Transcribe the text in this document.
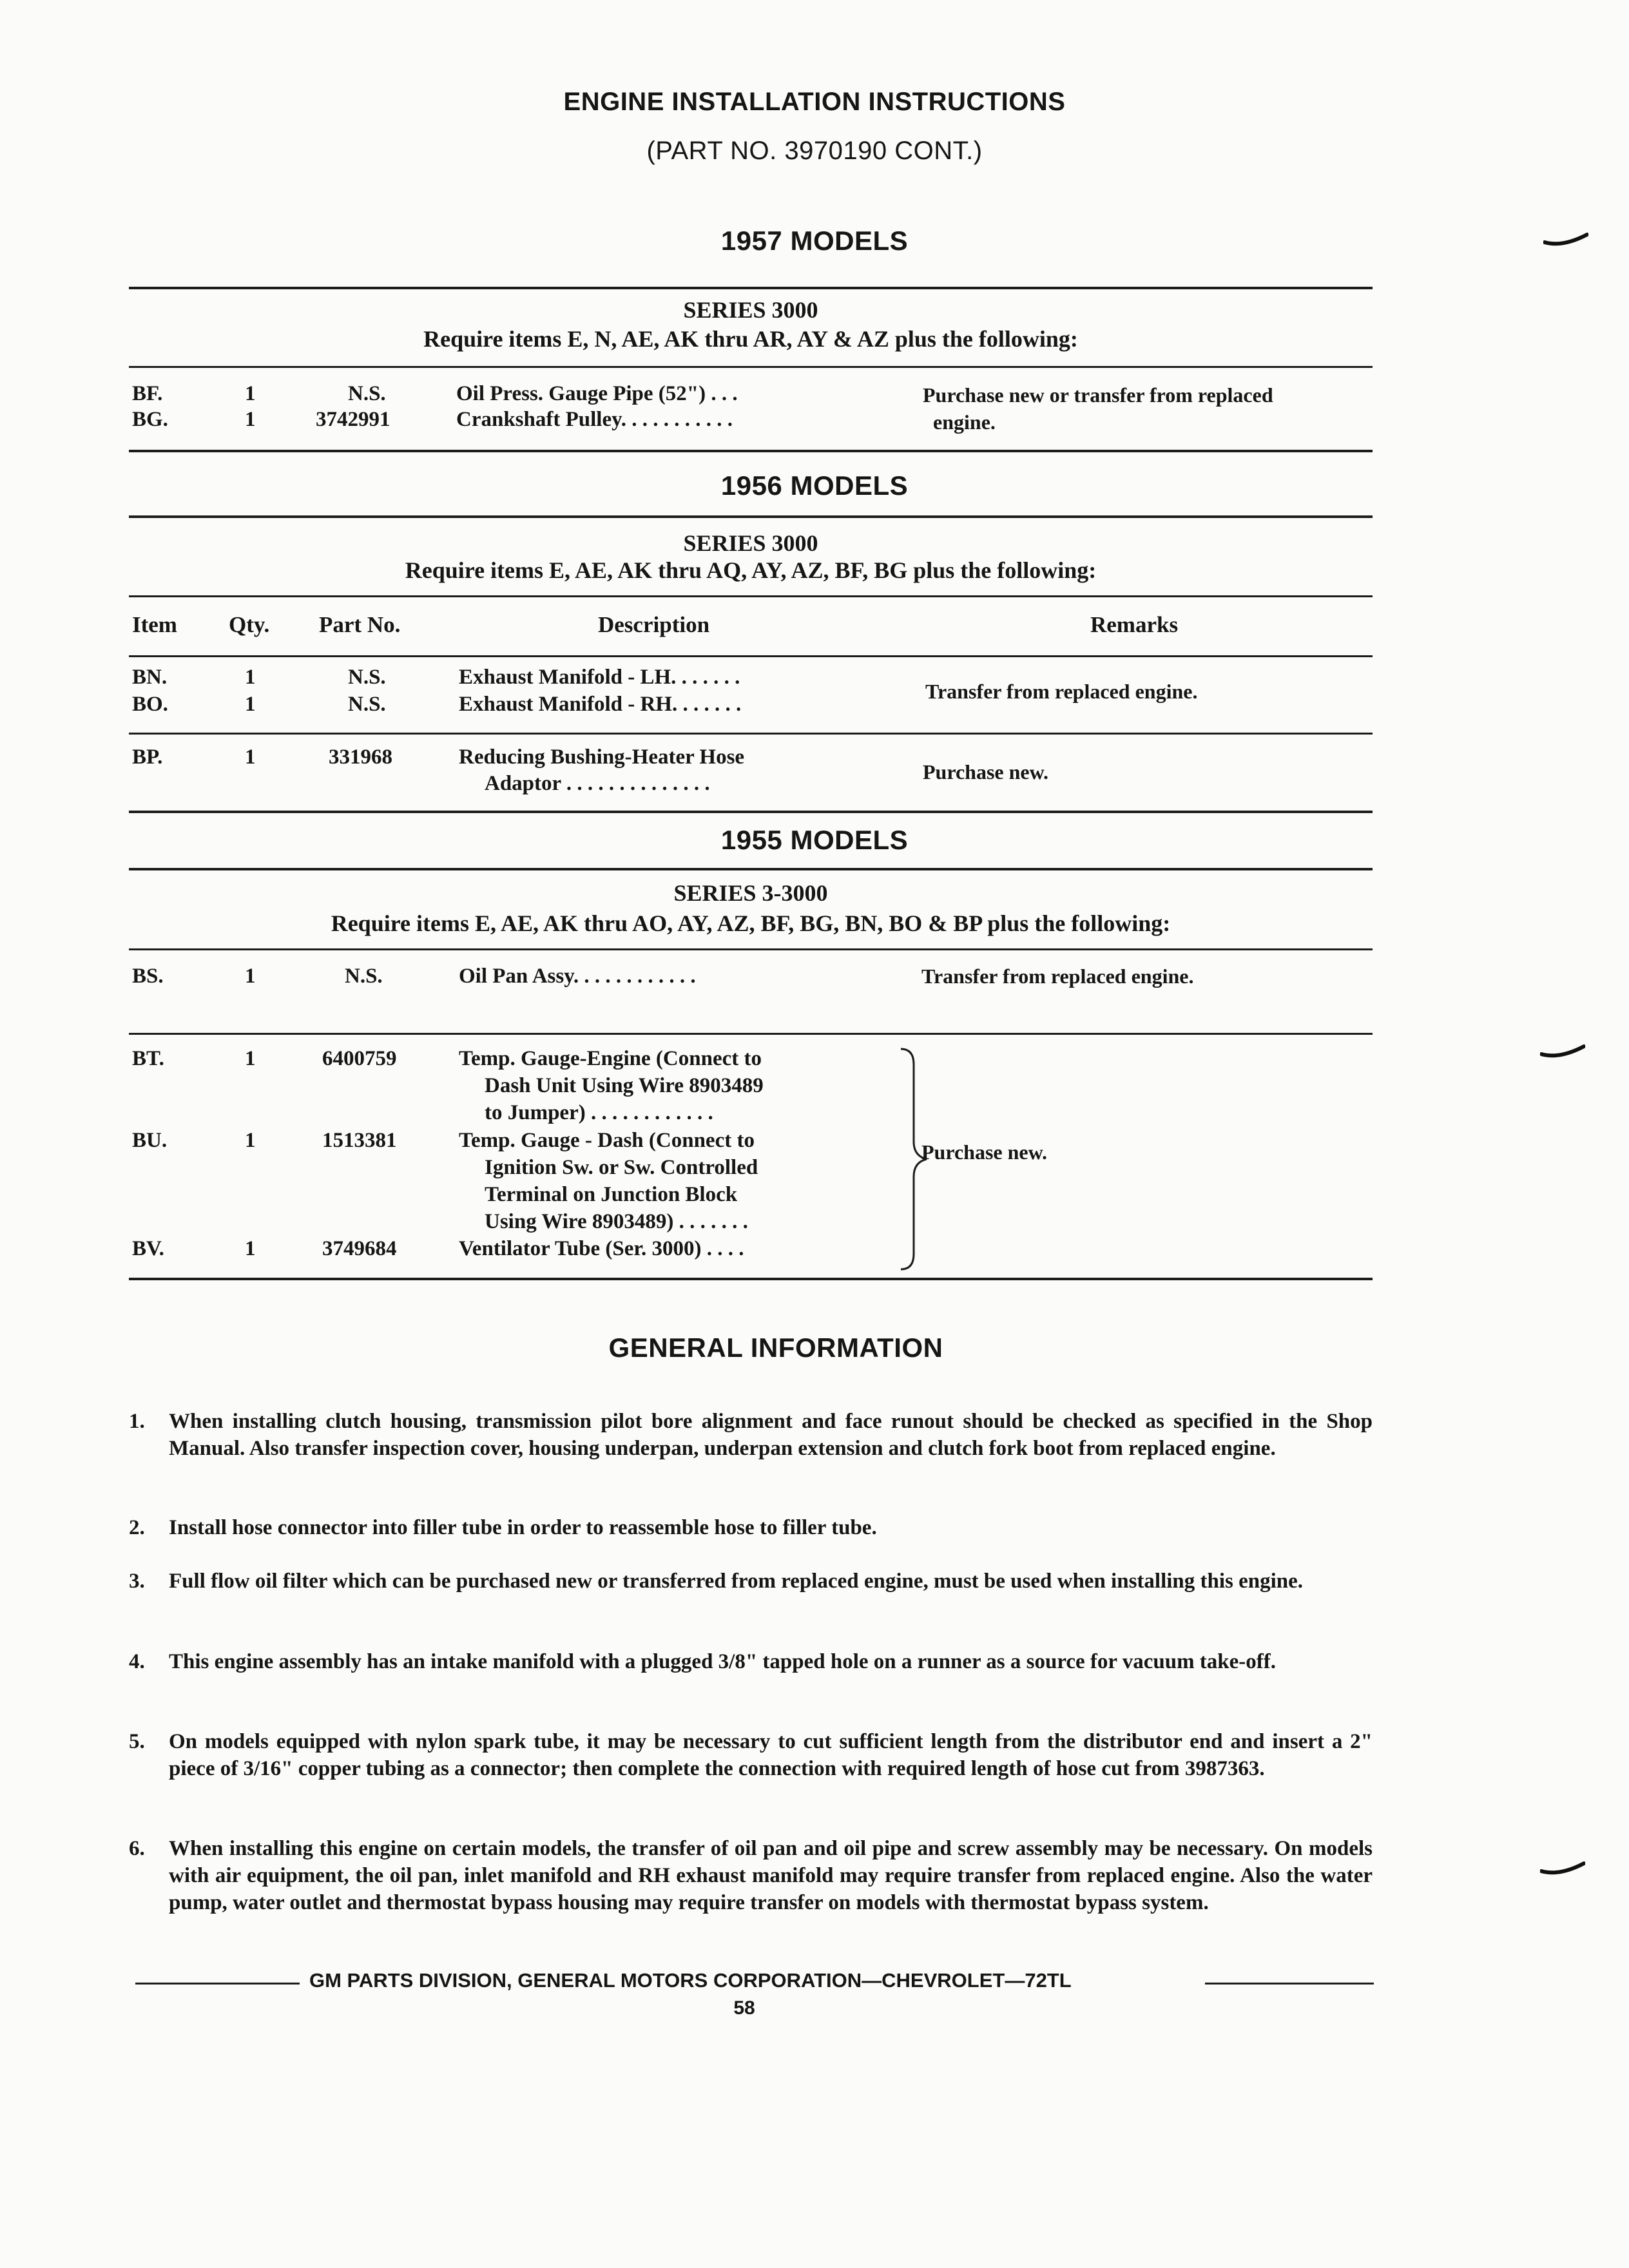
ENGINE INSTALLATION INSTRUCTIONS
(PART NO. 3970190 CONT.)
1957 MODELS
SERIES 3000
Require items E, N, AE, AK thru AR, AY & AZ plus the following:
BF.	1	N.S.	Oil Press. Gauge Pipe (52") . . .
BG.	1	3742991	Crankshaft Pulley. . . . . . . . . . .
Purchase new or transfer from replaced
engine.
1956 MODELS
SERIES 3000
Require items E, AE, AK thru AQ, AY, AZ, BF, BG plus the following:
Item Qty. Part No.	Description	Remarks
BN.	1	N.S.	Exhaust Manifold - LH. . . . . . .
BO.	1	N.S.	Exhaust Manifold - RH. . . . . . .
Transfer from replaced engine.
BP.	1	331968	Reducing Bushing-Heater Hose
Adaptor . . . . . . . . . . . . . .	Purchase new.
1955 MODELS
SERIES 3-3000
Require items E, AE, AK thru AO, AY, AZ, BF, BG, BN, BO & BP plus the following:
BS.	1	N.S.	Oil Pan Assy. . . . . . . . . . . .	Transfer from replaced engine.
BT.	1	6400759	Temp. Gauge-Engine (Connect to
Dash Unit Using Wire 8903489
to Jumper) . . . . . . . . . . . .
BU.	1	1513381	Temp. Gauge - Dash (Connect to
Ignition Sw. or Sw. Controlled
Terminal on Junction Block
Using Wire 8903489) . . . . . . .
BV.	1	3749684	Ventilator Tube (Ser. 3000) . . . .
Purchase new.
GENERAL INFORMATION
1. When installing clutch housing, transmission pilot bore alignment and face runout should be checked as specified in the Shop Manual. Also transfer inspection cover, housing underpan, underpan extension and clutch fork boot from replaced engine.
2. Install hose connector into filler tube in order to reassemble hose to filler tube.
3. Full flow oil filter which can be purchased new or transferred from replaced engine, must be used when installing this engine.
4. This engine assembly has an intake manifold with a plugged 3/8" tapped hole on a runner as a source for vacuum take-off.
5. On models equipped with nylon spark tube, it may be necessary to cut sufficient length from the distributor end and insert a 2" piece of 3/16" copper tubing as a connector; then complete the connection with required length of hose cut from 3987363.
6. When installing this engine on certain models, the transfer of oil pan and oil pipe and screw assembly may be necessary. On models with air equipment, the oil pan, inlet manifold and RH exhaust manifold may require transfer from replaced engine. Also the water pump, water outlet and thermostat bypass housing may require transfer on models with thermostat bypass system.
GM PARTS DIVISION, GENERAL MOTORS CORPORATION—CHEVROLET—72TL
58
